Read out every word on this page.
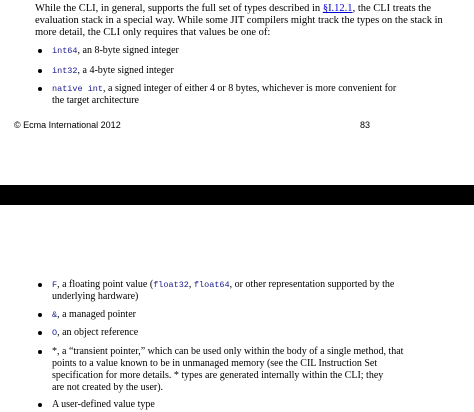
While the CLI, in general, supports the full set of types described in §I.12.1, the CLI treats the evaluation stack in a special way. While some JIT compilers might track the types on the stack in more detail, the CLI only requires that values be one of:
int64, an 8-byte signed integer
int32, a 4-byte signed integer
native int, a signed integer of either 4 or 8 bytes, whichever is more convenient for
the target architecture
© Ecma International 2012	83
F, a floating point value (float32, float64, or other representation supported by the
underlying hardware)
&, a managed pointer
O, an object reference
*, a “transient pointer,” which can be used only within the body of a single method, that
points to a value known to be in unmanaged memory (see the CIL Instruction Set
specification for more details. * types are generated internally within the CLI; they
are not created by the user).
A user-defined value type
